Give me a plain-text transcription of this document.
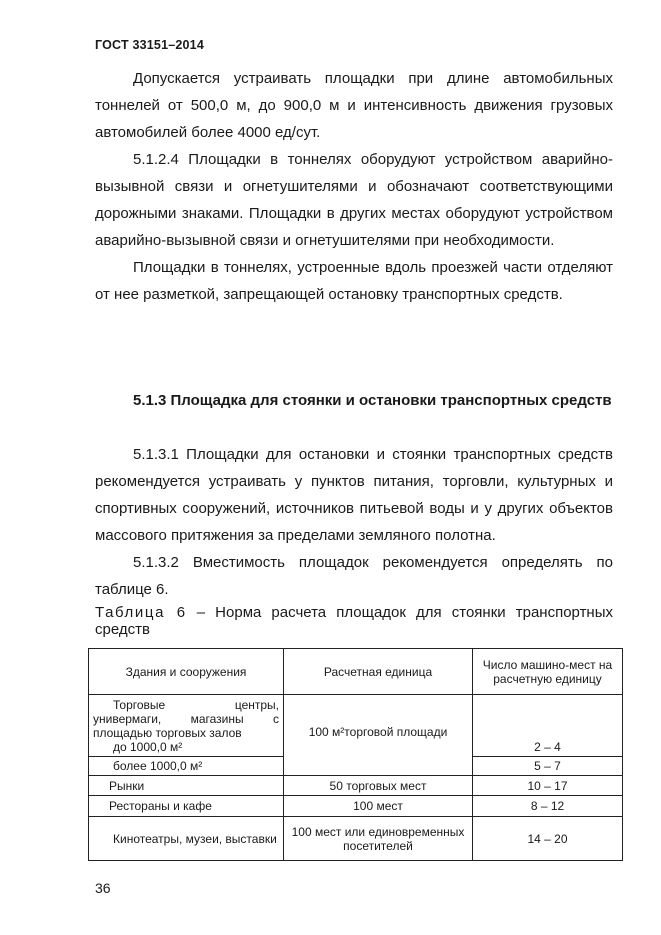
ГОСТ 33151–2014

Допускается устраивать площадки при длине автомобильных тоннелей от 500,0 м, до 900,0 м и интенсивность движения грузовых автомобилей более 4000 ед/сут.

5.1.2.4 Площадки в тоннелях оборудуют устройством аварийно-вызывной связи и огнетушителями и обозначают соответствующими дорожными знаками. Площадки в других местах оборудуют устройством аварийно-вызывной связи и огнетушителями при необходимости.

Площадки в тоннелях, устроенные вдоль проезжей части отделяют от нее разметкой, запрещающей остановку транспортных средств.

5.1.3 Площадка для стоянки и остановки транспортных средств

5.1.3.1 Площадки для остановки и стоянки транспортных средств рекомендуется устраивать у пунктов питания, торговли, культурных и спортивных сооружений, источников питьевой воды и у других объектов массового притяжения за пределами земляного полотна.

5.1.3.2 Вместимость площадок рекомендуется определять по таблице 6.

Таблица 6 – Норма расчета площадок для стоянки транспортных средств
Здания и сооружения	Расчетная единица	Число машино-мест на расчетную единицу
Торговые центры, универмаги, магазины с площадью торговых залов
до 1000,0 м²	100 м²торговой площади	2 – 4
более 1000,0 м²		5 – 7
Рынки	50 торговых мест	10 – 17
Рестораны и кафе	100 мест	8 – 12
Кинотеатры, музеи, выставки	100 мест или единовременных посетителей	14 – 20
36
